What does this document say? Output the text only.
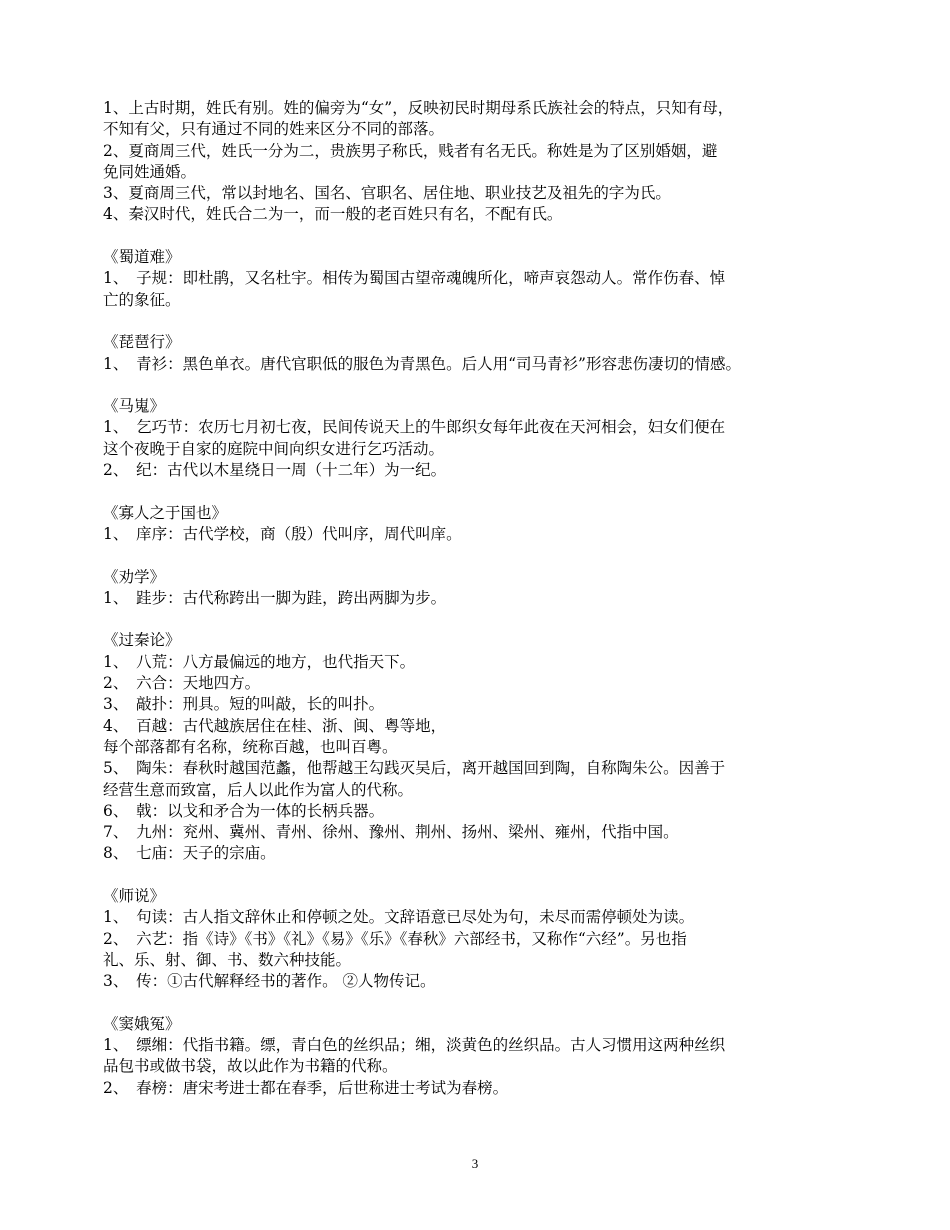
1、上古时期，姓氏有别。姓的偏旁为“女”，反映初民时期母系氏族社会的特点，只知有母，

不知有父，只有通过不同的姓来区分不同的部落。

2、夏商周三代，姓氏一分为二，贵族男子称氏，贱者有名无氏。称姓是为了区别婚姻，避

免同姓通婚。

3、夏商周三代，常以封地名、国名、官职名、居住地、职业技艺及祖先的字为氏。

4、秦汉时代，姓氏合二为一，而一般的老百姓只有名，不配有氏。

《蜀道难》

1、　子规：即杜鹃，又名杜宇。相传为蜀国古望帝魂魄所化，啼声哀怨动人。常作伤春、悼

亡的象征。

《琵琶行》

1、　青衫：黑色单衣。唐代官职低的服色为青黑色。后人用“司马青衫”形容悲伤凄切的情感。

《马嵬》

1、　乞巧节：农历七月初七夜，民间传说天上的牛郎织女每年此夜在天河相会，妇女们便在

这个夜晚于自家的庭院中间向织女进行乞巧活动。

2、　纪：古代以木星绕日一周（十二年）为一纪。

《寡人之于国也》

1、　庠序：古代学校，商（殷）代叫序，周代叫庠。

《劝学》

1、　跬步：古代称跨出一脚为跬，跨出两脚为步。

《过秦论》

1、　八荒：八方最偏远的地方，也代指天下。

2、　六合：天地四方。

3、　敲扑：刑具。短的叫敲，长的叫扑。

4、　百越：古代越族居住在桂、浙、闽、粤等地，

每个部落都有名称，统称百越，也叫百粤。

5、　陶朱：春秋时越国范蠡，他帮越王勾践灭吴后，离开越国回到陶，自称陶朱公。因善于

经营生意而致富，后人以此作为富人的代称。

6、　戟：以戈和矛合为一体的长柄兵器。

7、　九州：兖州、冀州、青州、徐州、豫州、荆州、扬州、梁州、雍州，代指中国。

8、　七庙：天子的宗庙。

《师说》

1、　句读：古人指文辞休止和停顿之处。文辞语意已尽处为句，未尽而需停顿处为读。

2、　六艺：指《诗》《书》《礼》《易》《乐》《春秋》六部经书，又称作“六经”。另也指

礼、乐、射、御、书、数六种技能。

3、　传：①古代解释经书的著作。 ②人物传记。

《窦娥冤》

1、　缥缃：代指书籍。缥，青白色的丝织品；缃，淡黄色的丝织品。古人习惯用这两种丝织

品包书或做书袋，故以此作为书籍的代称。

2、　春榜：唐宋考进士都在春季，后世称进士考试为春榜。

3
